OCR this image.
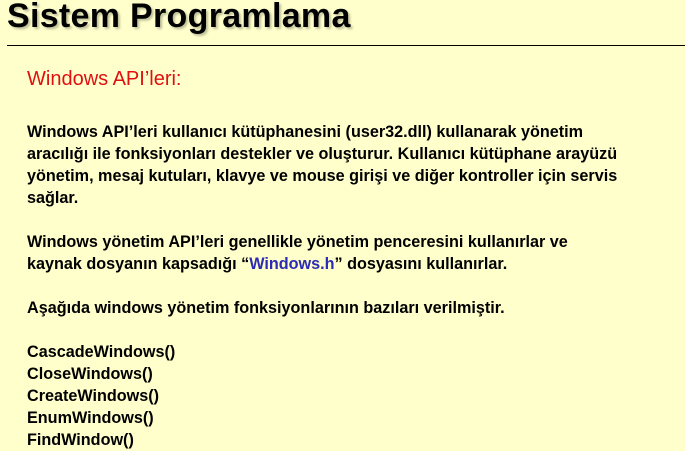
Sistem Programlama
Windows API’leri:

Windows API’leri kullanıcı kütüphanesini (user32.dll) kullanarak yönetim

aracılığı ile fonksiyonları destekler ve oluşturur. Kullanıcı kütüphane arayüzü

yönetim, mesaj kutuları, klavye ve mouse girişi ve diğer kontroller için servis

sağlar.

Windows yönetim API’leri genellikle yönetim penceresini kullanırlar ve

kaynak dosyanın kapsadığı “Windows.h” dosyasını kullanırlar.

Aşağıda windows yönetim fonksiyonlarının bazıları verilmiştir.

CascadeWindows()
CloseWindows()
CreateWindows()
EnumWindows()
FindWindow()
